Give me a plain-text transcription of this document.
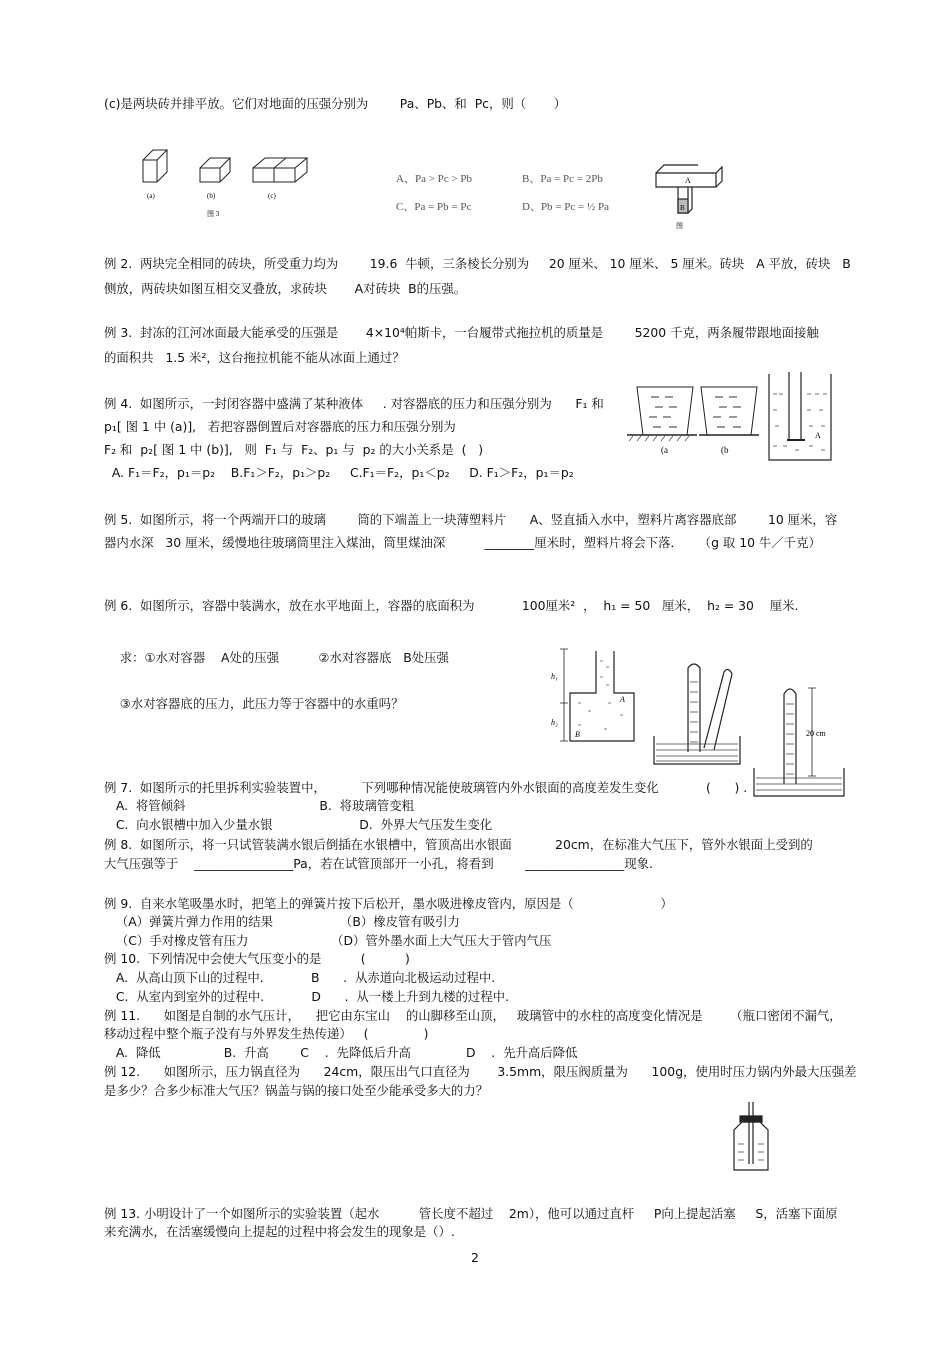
(c)是两块砖并排平放。它们对地面的压强分别为        Pa、Pb、和  Pc，则（       ）
例 2.  两块完全相同的砖块，所受重力均为        19.6  牛顿，三条棱长分别为     20 厘米、 10 厘米、 5 厘米。砖块   A 平放，砖块   B
侧放，两砖块如图互相交叉叠放，求砖块       A对砖块  B的压强。
例 3.  封冻的江河冰面最大能承受的压强是       4×10⁴帕斯卡，一台履带式拖拉机的质量是        5200 千克，两条履带跟地面接触
的面积共   1.5 米²，这台拖拉机能不能从冰面上通过？
例 4.  如图所示，一封闭容器中盛满了某种液体     . 对容器底的压力和压强分别为      F₁ 和
p₁[ 图 1 中 (a)],   若把容器倒置后对容器底的压力和压强分别为
F₂ 和  p₂[ 图 1 中 (b)],   则  F₁ 与  F₂、p₁ 与  p₂ 的大小关系是  (   )
A. F₁＝F₂，p₁＝p₂    B.F₁＞F₂，p₁＞p₂     C.F₁＝F₂，p₁＜p₂     D. F₁＞F₂，p₁＝p₂
例 5.  如图所示，将一个两端开口的玻璃        筒的下端盖上一块薄塑料片      A、竖直插入水中，塑料片离容器底部        10 厘米，容
器内水深   30 厘米，缓慢地往玻璃筒里注入煤油，筒里煤油深          ________厘米时，塑料片将会下落．    （g 取 10 牛／千克）
例 6.  如图所示，容器中装满水，放在水平地面上，容器的底面积为            100厘米²  ，  h₁ = 50   厘米，  h₂ = 30    厘米.
求：①水对容器    A处的压强          ②水对容器底   B处压强
③水对容器底的压力，此压力等于容器中的水重吗？
例 7.  如图所示的托里拆利实验装置中，         下列哪种情况能使玻璃管内外水银面的高度差发生变化            (      ) .
A.  将管倾斜                                  B.  将玻璃管变粗
C.  向水银槽中加入少量水银                      D.  外界大气压发生变化
例 8.  如图所示，将一只试管装满水银后倒插在水银槽中，管顶高出水银面           20cm，在标准大气压下，管外水银面上受到的
大气压强等于    ________________Pa，若在试管顶部开一小孔，将看到        ________________现象.
例 9.  自来水笔吸墨水时，把笔上的弹簧片按下后松开，墨水吸进橡皮管内，原因是（                      ）
（A）弹簧片弹力作用的结果                 （B）橡皮管有吸引力
（C）手对橡皮管有压力                     （D）管外墨水面上大气压大于管内气压
例 10.  下列情况中会使大气压变小的是          (          )
A.  从高山顶下山的过程中.            B      .  从赤道向北极运动过程中.
C.  从室内到室外的过程中.            D      .  从一楼上升到九楼的过程中.
例 11.      如图是自制的水气压计，    把它由东宝山    的山脚移至山顶，   玻璃管中的水柱的高度变化情况是       （瓶口密闭不漏气，
移动过程中整个瓶子没有与外界发生热传递）   (              )
A.  降低                B.  升高        C    .  先降低后升高              D    .  先升高后降低
例 12.      如图所示，压力锅直径为      24cm，限压出气口直径为       3.5mm，限压阀质量为      100g，使用时压力锅内外最大压强差
是多少？合多少标准大气压？锅盖与锅的接口处至少能承受多大的力？
例 13. 小明设计了一个如图所示的实验装置（起水          管长度不超过    2m），他可以通过直杆     P向上提起活塞     S，活塞下面原
来充满水，在活塞缓慢向上提起的过程中将会发生的现象是（）.
(a)	(b)	(c)
图 3
A、Pa > Pc > Pb	B、Pa = Pc = 2Pb
C、Pa = Pb = Pc	D、Pb = Pc = ½ Pa
A
B
图
(a	(b
A
h₁
h₂
A
B	20 cm
2
